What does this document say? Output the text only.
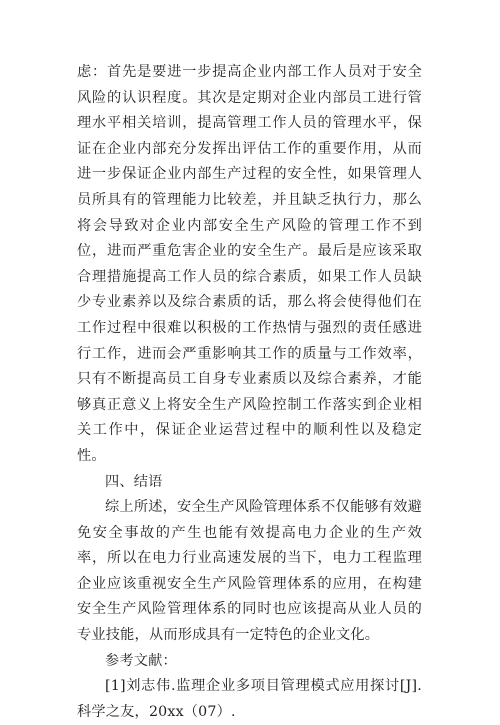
虑：首先是要进一步提高企业内部工作人员对于安全风险的认识程度。其次是定期对企业内部员工进行管理水平相关培训，提高管理工作人员的管理水平，保证在企业内部充分发挥出评估工作的重要作用，从而进一步保证企业内部生产过程的安全性，如果管理人员所具有的管理能力比较差，并且缺乏执行力，那么将会导致对企业内部安全生产风险的管理工作不到位，进而严重危害企业的安全生产。最后是应该采取合理措施提高工作人员的综合素质，如果工作人员缺少专业素养以及综合素质的话，那么将会使得他们在工作过程中很难以积极的工作热情与强烈的责任感进行工作，进而会严重影响其工作的质量与工作效率，只有不断提高员工自身专业素质以及综合素养，才能够真正意义上将安全生产风险控制工作落实到企业相关工作中，保证企业运营过程中的顺利性以及稳定性。

四、结语

综上所述，安全生产风险管理体系不仅能够有效避免安全事故的产生也能有效提高电力企业的生产效率，所以在电力行业高速发展的当下，电力工程监理企业应该重视安全生产风险管理体系的应用，在构建安全生产风险管理体系的同时也应该提高从业人员的专业技能，从而形成具有一定特色的企业文化。

参考文献：

[1]刘志伟.监理企业多项目管理模式应用探讨[J].科学之友，20xx（07）.
